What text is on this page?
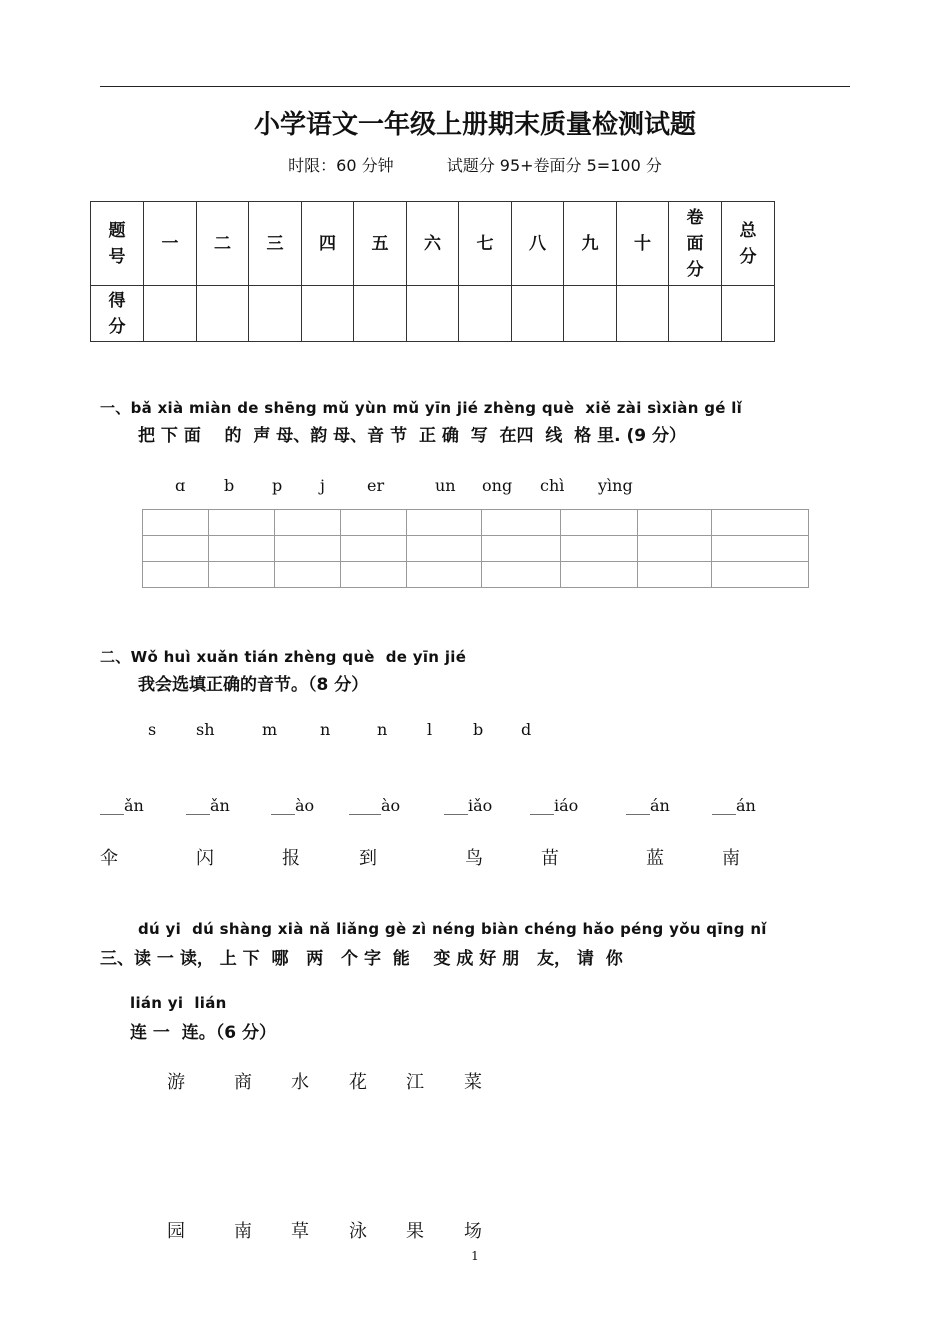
小学语文一年级上册期末质量检测试题
时限：60 分钟	试题分 95+卷面分 5=100 分
题号	一	二	三	四	五	六	七	八	九	十	卷面分	总分

得分												

一、bǎ xià miàn de shēng mǔ yùn mǔ yīn jié zhèng què  xiě zài sìxiàn gé lǐ
把 下 面    的  声 母、韵 母、音 节  正 确  写  在四  线  格 里. (9 分）
ɑ b p j	er	un ong chì yìng

二、Wǒ huì xuǎn tián zhèng què  de yīn jié
我会选填正确的音节。（8 分）
s sh	m	n	n l	b d
___ǎn	___ǎn	___ào ____ào	___iǎo ___iáo	___án	___án
伞	闪	报	到	鸟	苗	蓝	南
dú yi  dú shàng xià nǎ liǎng gè zì néng biàn chéng hǎo péng yǒu qīng nǐ
三、读 一 读， 上 下  哪   两   个 字  能    变 成 好 朋   友， 请  你
lián yi  lián
连 一  连。（6 分）
游	商 水 花 江 菜
园	南 草 泳 果 场
1
